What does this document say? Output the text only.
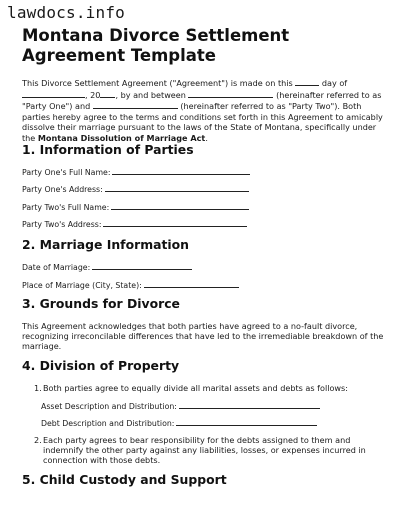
lawdocs.info
Montana Divorce Settlement Agreement Template

This Divorce Settlement Agreement ("Agreement") is made on this	day of , 20 , by and between	(hereinafter referred to as "Party One") and	(hereinafter referred to as "Party Two"). Both parties hereby agree to the terms and conditions set forth in this Agreement to amicably dissolve their marriage pursuant to the laws of the State of Montana, specifically under the Montana Dissolution of Marriage Act.

1. Information of Parties
Party One's Full Name:
Party One's Address:
Party Two's Full Name:
Party Two's Address:
2. Marriage Information
Date of Marriage:
Place of Marriage (City, State):
3. Grounds for Divorce

This Agreement acknowledges that both parties have agreed to a no-fault divorce, recognizing irreconcilable differences that have led to the irremediable breakdown of the marriage.

4. Division of Property
1. Both parties agree to equally divide all marital assets and debts as follows:

Asset Description and Distribution:
Debt Description and Distribution:
2. Each party agrees to bear responsibility for the debts assigned to them and indemnify the other party against any liabilities, losses, or expenses incurred in connection with those debts.

5. Child Custody and Support
